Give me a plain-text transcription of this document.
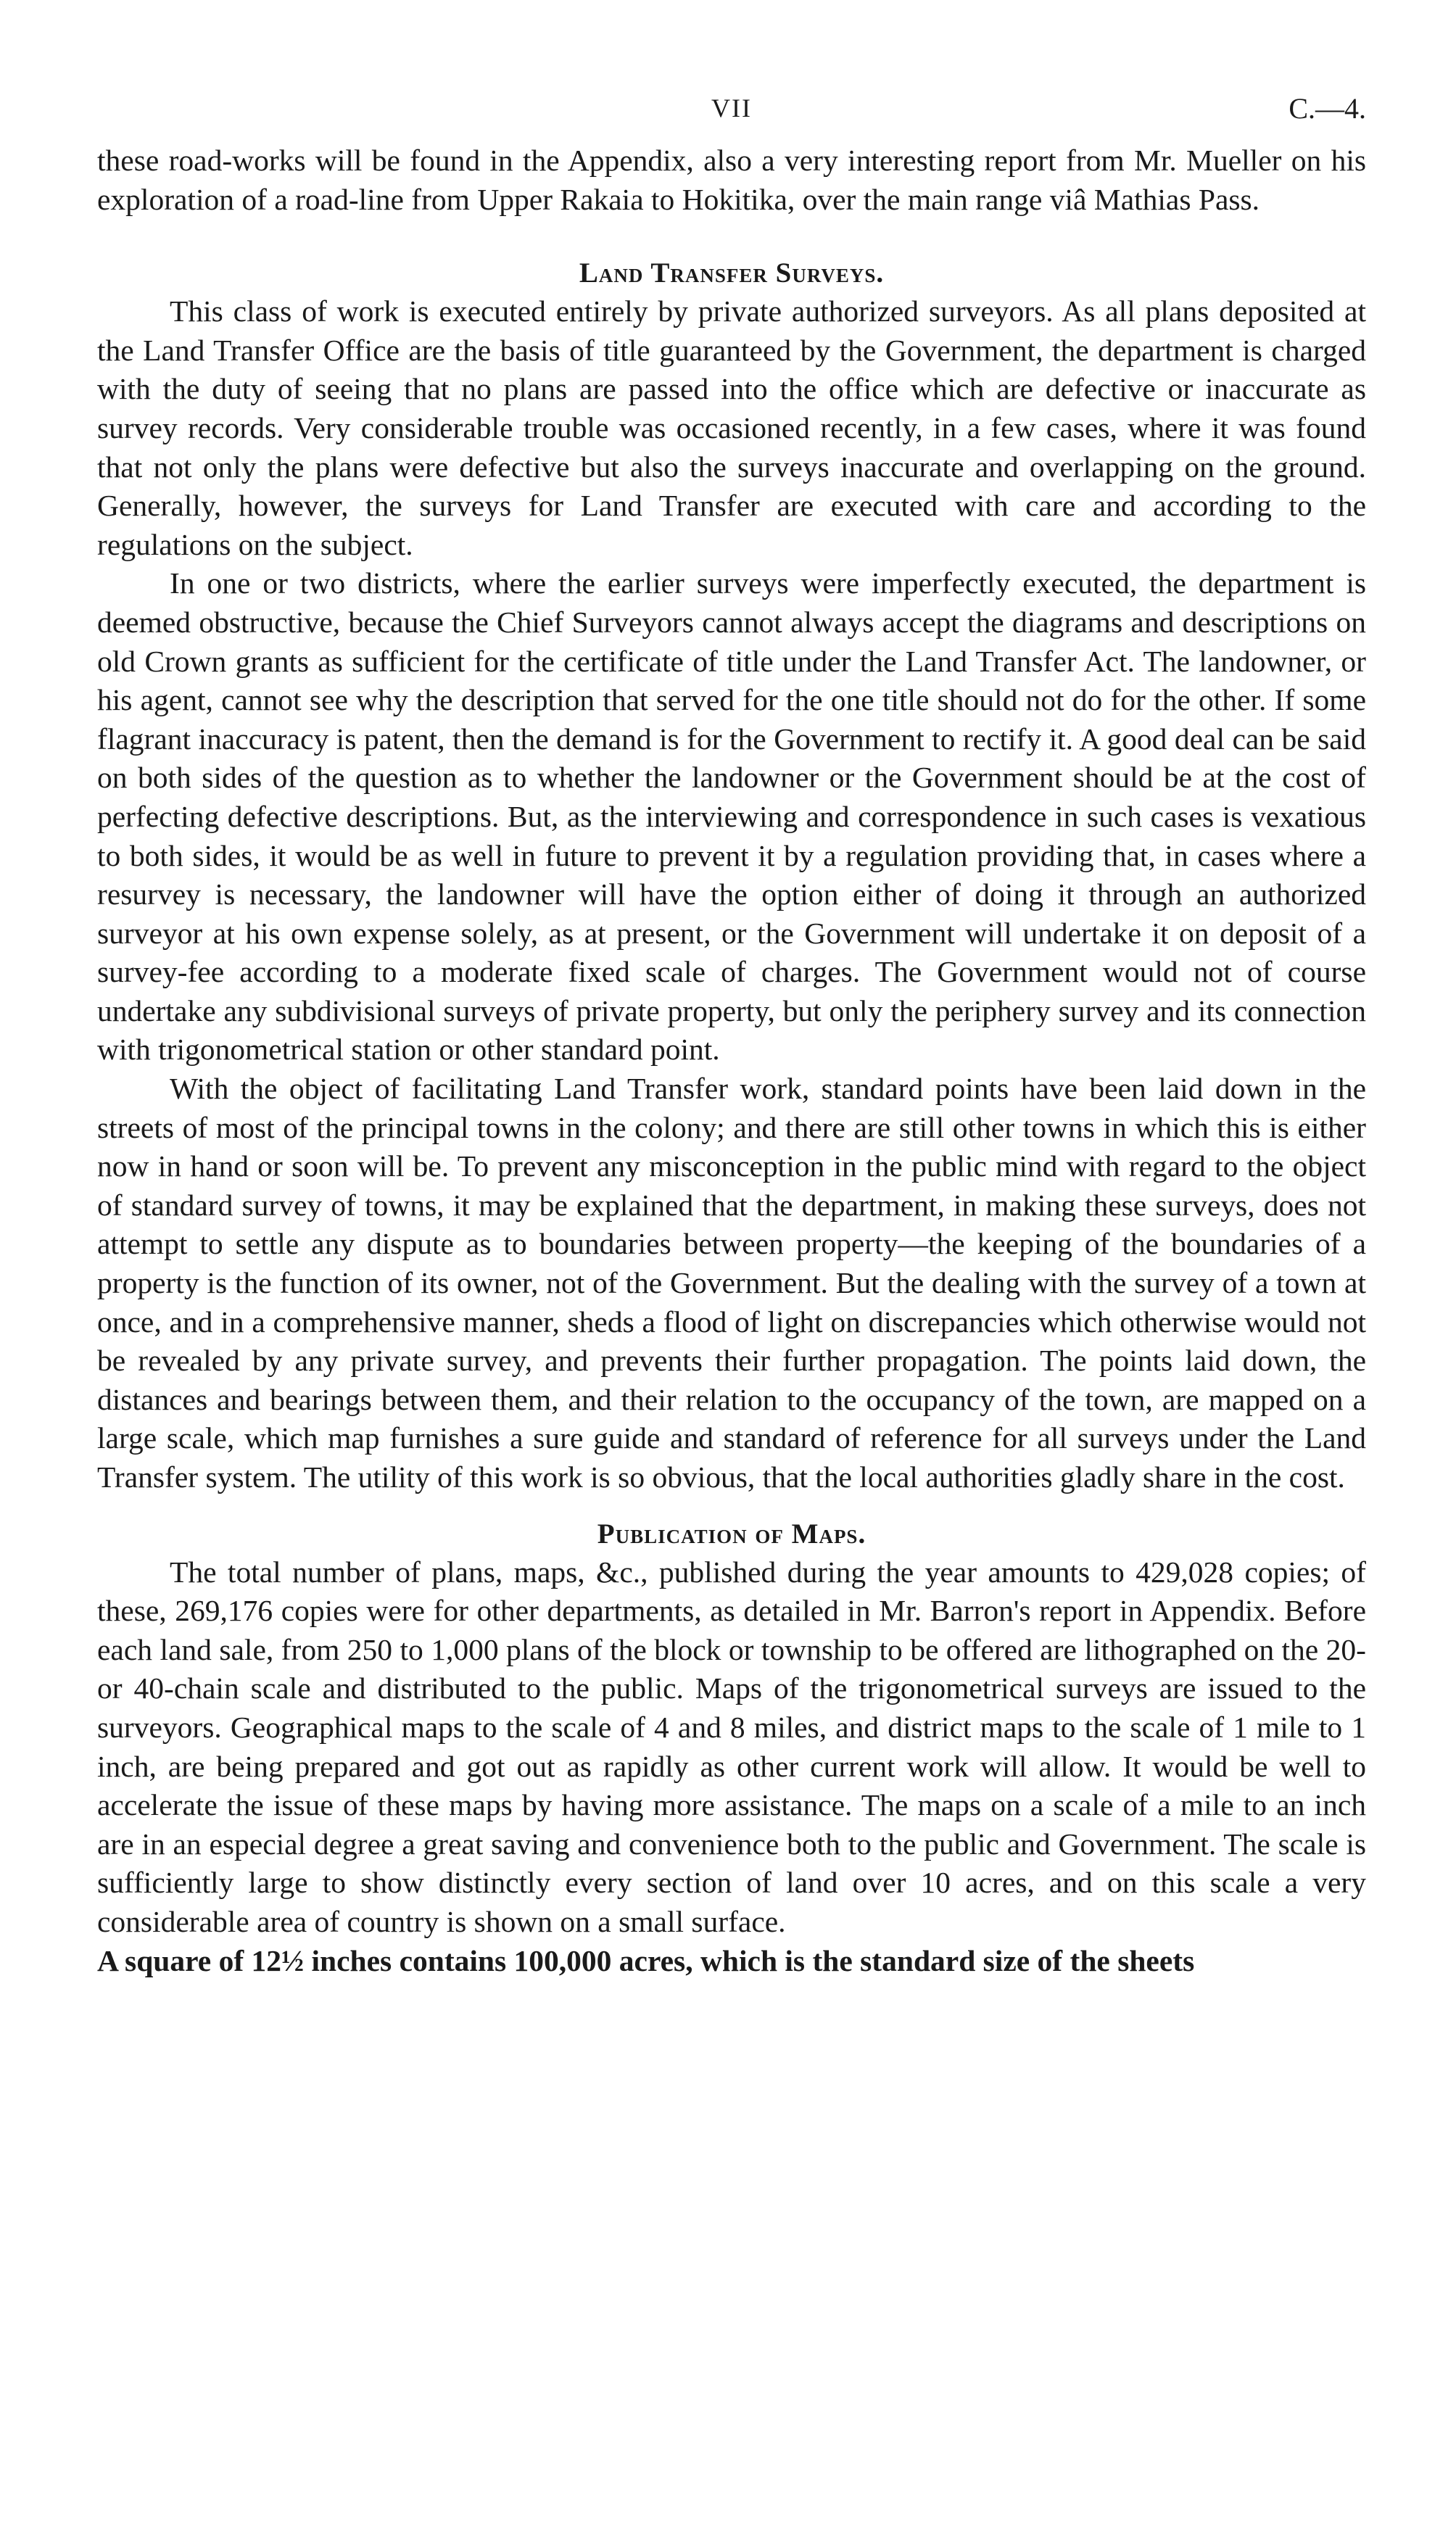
VII	C.—4.

these road-works will be found in the Appendix, also a very interesting report from Mr. Mueller on his exploration of a road-line from Upper Rakaia to Hokitika, over the main range viâ Mathias Pass.

Land Transfer Surveys.

This class of work is executed entirely by private authorized surveyors. As all plans deposited at the Land Transfer Office are the basis of title guaranteed by the Government, the department is charged with the duty of seeing that no plans are passed into the office which are defective or inaccurate as survey records. Very considerable trouble was occasioned recently, in a few cases, where it was found that not only the plans were defective but also the surveys inaccurate and overlapping on the ground. Generally, however, the surveys for Land Transfer are executed with care and according to the regulations on the subject.

In one or two districts, where the earlier surveys were imperfectly executed, the department is deemed obstructive, because the Chief Surveyors cannot always accept the diagrams and descriptions on old Crown grants as sufficient for the certificate of title under the Land Transfer Act. The landowner, or his agent, cannot see why the description that served for the one title should not do for the other. If some flagrant inaccuracy is patent, then the demand is for the Government to rectify it. A good deal can be said on both sides of the question as to whether the landowner or the Government should be at the cost of perfecting defective descriptions. But, as the interviewing and correspondence in such cases is vexatious to both sides, it would be as well in future to prevent it by a regulation providing that, in cases where a resurvey is necessary, the landowner will have the option either of doing it through an authorized surveyor at his own expense solely, as at present, or the Government will undertake it on deposit of a survey-fee according to a moderate fixed scale of charges. The Government would not of course undertake any subdivisional surveys of private property, but only the periphery survey and its connection with trigonometrical station or other standard point.

With the object of facilitating Land Transfer work, standard points have been laid down in the streets of most of the principal towns in the colony; and there are still other towns in which this is either now in hand or soon will be. To prevent any misconception in the public mind with regard to the object of standard survey of towns, it may be explained that the department, in making these surveys, does not attempt to settle any dispute as to boundaries between property—the keeping of the boundaries of a property is the function of its owner, not of the Government. But the dealing with the survey of a town at once, and in a comprehensive manner, sheds a flood of light on discrepancies which otherwise would not be revealed by any private survey, and prevents their further propagation. The points laid down, the distances and bearings between them, and their relation to the occupancy of the town, are mapped on a large scale, which map furnishes a sure guide and standard of reference for all surveys under the Land Transfer system. The utility of this work is so obvious, that the local authorities gladly share in the cost.

Publication of Maps.

The total number of plans, maps, &c., published during the year amounts to 429,028 copies; of these, 269,176 copies were for other departments, as detailed in Mr. Barron's report in Appendix. Before each land sale, from 250 to 1,000 plans of the block or township to be offered are lithographed on the 20- or 40-chain scale and distributed to the public. Maps of the trigonometrical surveys are issued to the surveyors. Geographical maps to the scale of 4 and 8 miles, and district maps to the scale of 1 mile to 1 inch, are being prepared and got out as rapidly as other current work will allow. It would be well to accelerate the issue of these maps by having more assistance. The maps on a scale of a mile to an inch are in an especial degree a great saving and convenience both to the public and Government. The scale is sufficiently large to show distinctly every section of land over 10 acres, and on this scale a very considerable area of country is shown on a small surface.

A square of 12½ inches contains 100,000 acres, which is the standard size of the sheets
